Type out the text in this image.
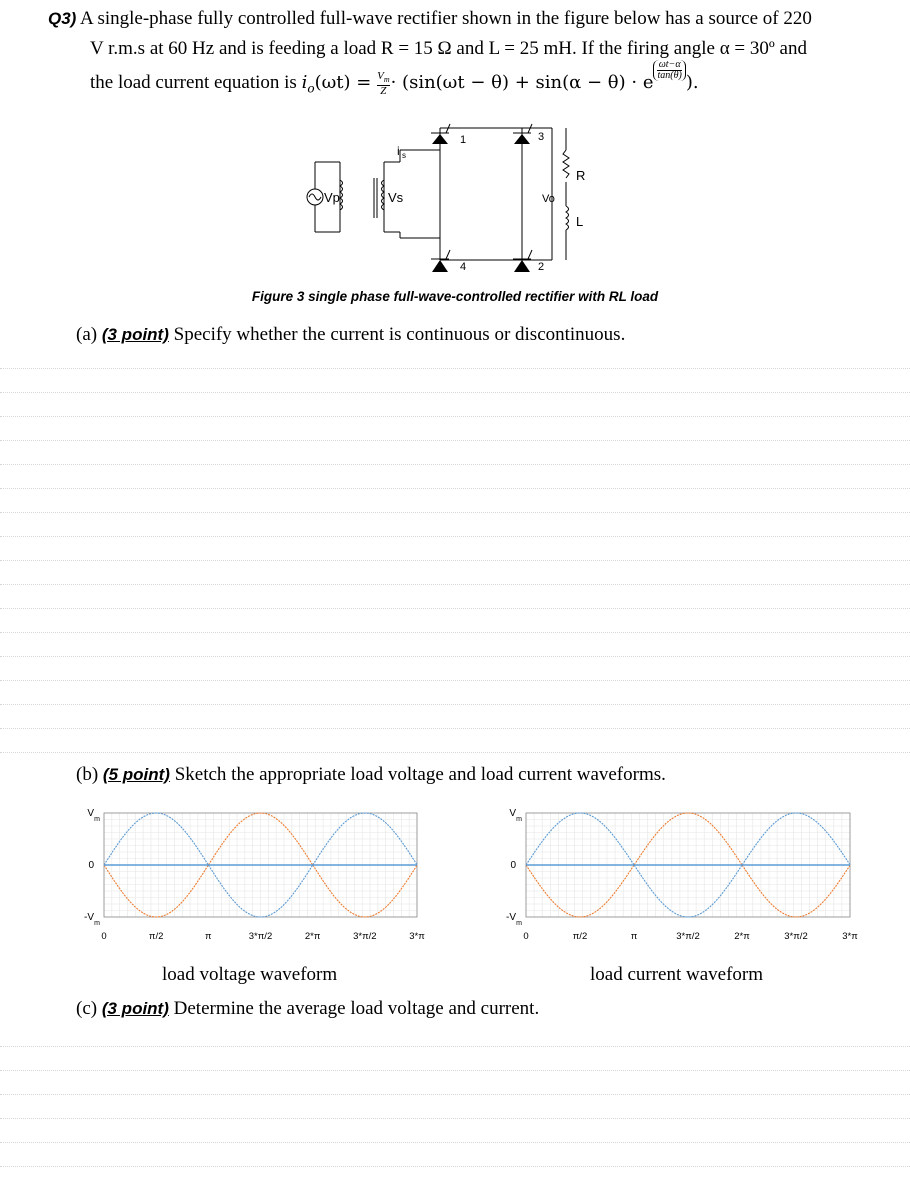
Q3) A single-phase fully controlled full-wave rectifier shown in the figure below has a source of 220
V r.m.s at 60 Hz and is feeding a load R = 15 Ω and L = 25 mH. If the firing angle α = 30º and
the load current equation is $i_o(\omega t) = \frac{V_m}{Z} \cdot (\sin(\omega t - \theta) + \sin(\alpha - \theta) \cdot e$
$\frac{\omega t-\alpha}{\tan(\theta)}$
).
1	3
4	2
Vp	Vs
i s
R
L
Vo
Figure 3 single phase full-wave-controlled rectifier with RL load
(a) (3 point) Specify whether the current is continuous or discontinuous.
(b) (5 point) Sketch the appropriate load voltage and load current waveforms.
V
m
0
-V
m
0	π/2	π	3*π/2	2*π	3*π/2	3*π
V
m
0
-V
m
0	π/2	π	3*π/2	2*π	3*π/2	3*π
load voltage waveform	load current waveform
(c) (3 point) Determine the average load voltage and current.
